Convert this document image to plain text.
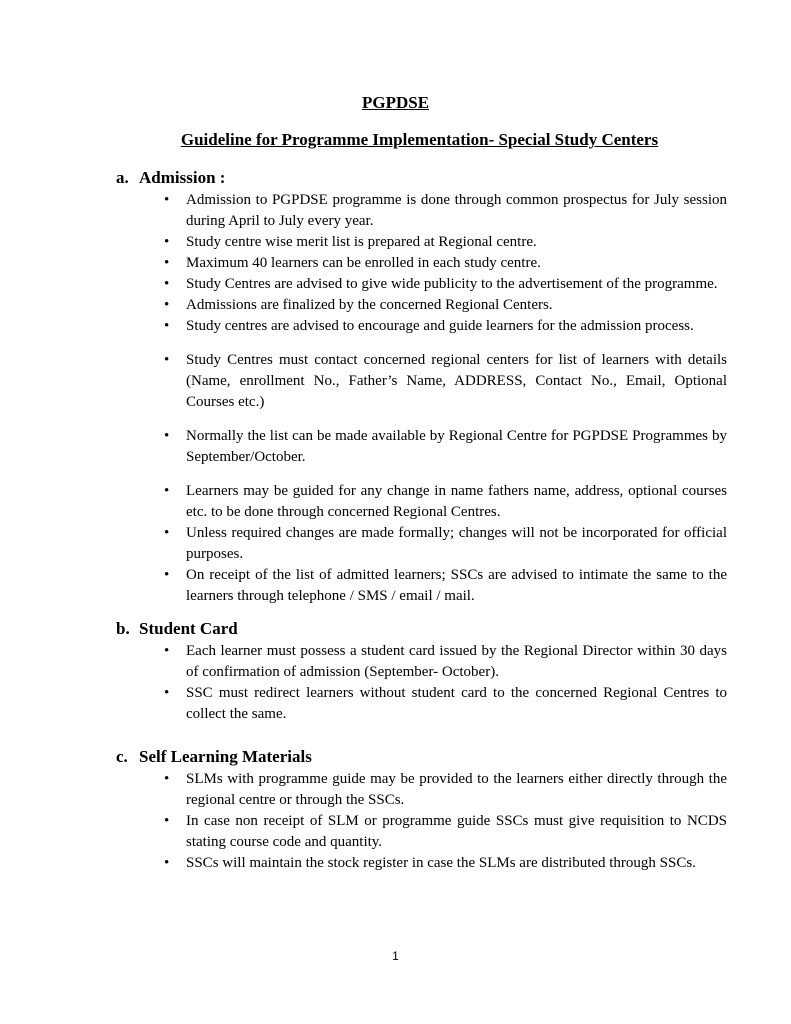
PGPDSE
Guideline for Programme Implementation- Special Study Centers
a. Admission :
• Admission to PGPDSE programme is done through common prospectus for July session during April to July every year.
• Study centre wise merit list is prepared at Regional centre.
• Maximum 40 learners can be enrolled in each study centre.
• Study Centres are advised to give wide publicity to the advertisement of the programme.
• Admissions are finalized by the concerned Regional Centers.
• Study centres are advised to encourage and guide learners for the admission process.
• Study Centres must contact concerned regional centers for list of learners with details (Name, enrollment No., Father’s Name, ADDRESS, Contact No., Email, Optional Courses etc.)
• Normally the list can be made available by Regional Centre for PGPDSE Programmes by September/October.
• Learners may be guided for any change in name fathers name, address, optional courses etc. to be done through concerned Regional Centres.
• Unless required changes are made formally; changes will not be incorporated for official purposes.
• On receipt of the list of admitted learners; SSCs are advised to intimate the same to the learners through telephone / SMS / email / mail.
b. Student Card
• Each learner must possess a student card issued by the Regional Director within 30 days of confirmation of admission (September- October).
• SSC must redirect learners without student card to the concerned Regional Centres to collect the same.
c. Self Learning Materials
• SLMs with programme guide may be provided to the learners either directly through the regional centre or through the SSCs.
• In case non receipt of SLM or programme guide SSCs must give requisition to NCDS stating course code and quantity.
• SSCs will maintain the stock register in case the SLMs are distributed through SSCs.
1
